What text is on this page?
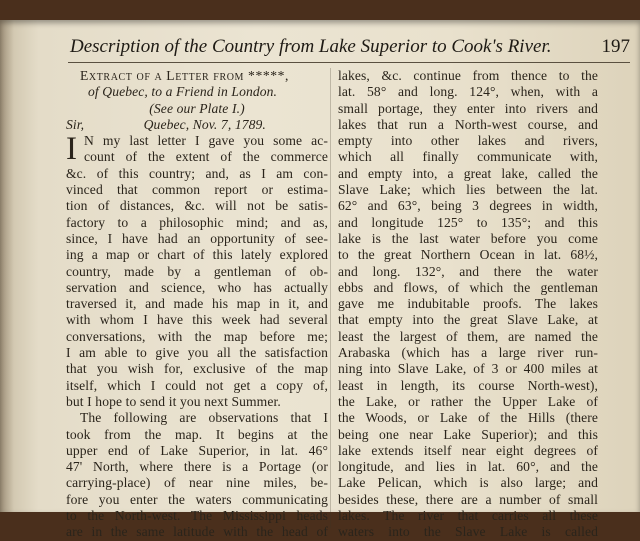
Description of the Country from Lake Superior to Cook's River.	197
Extract of a Letter from *****,
of Quebec, to a Friend in London.
(See our Plate I.)
Sir,                 Quebec, Nov. 7, 1789.
I N my last letter I gave you some ac-
count of the extent of the commerce
&c. of this country; and, as I am con-
vinced that common report or estima-
tion of distances, &c. will not be satis-
factory to a philosophic mind; and as,
since, I have had an opportunity of see-
ing a map or chart of this lately explored
country, made by a gentleman of ob-
servation and science, who has actually
traversed it, and made his map in it, and
with whom I have this week had several
conversations, with the map before me;
I am able to give you all the satisfaction
that you wish for, exclusive of the map
itself, which I could not get a copy of,
but I hope to send it you next Summer.
The following are observations that I
took from the map. It begins at the
upper end of Lake Superior, in lat. 46°
47' North, where there is a Portage (or
carrying-place) of near nine miles, be-
fore you enter the waters communicating
to the North-west. The Mississippi heads
are in the same latitude with the head of
lakes, &c. continue from thence to the
lat. 58° and long. 124°, when, with a
small portage, they enter into rivers and
lakes that run a North-west course, and
empty into other lakes and rivers,
which all finally communicate with,
and empty into, a great lake, called the
Slave Lake; which lies between the lat.
62° and 63°, being 3 degrees in width,
and longitude 125° to 135°; and this
lake is the last water before you come
to the great Northern Ocean in lat. 68½,
and long. 132°, and there the water
ebbs and flows, of which the gentleman
gave me indubitable proofs. The lakes
that empty into the great Slave Lake, at
least the largest of them, are named the
Arabaska (which has a large river run-
ning into Slave Lake, of 3 or 400 miles at
least in length, its course North-west),
the Lake, or rather the Upper Lake of
the Woods, or Lake of the Hills (there
being one near Lake Superior); and this
lake extends itself near eight degrees of
longitude, and lies in lat. 60°, and the
Lake Pelican, which is also large; and
besides these, there are a number of small
lakes. The river that carries all these
waters into the Slave Lake is called
